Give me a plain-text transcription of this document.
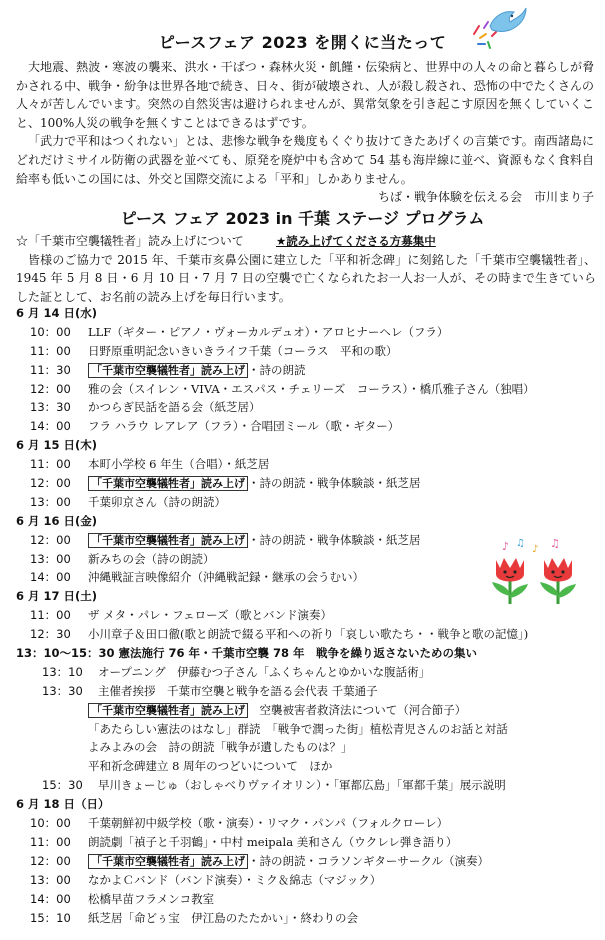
ピースフェア 2023 を開くに当たって

大地震、熱波・寒波の襲来、洪水・干ばつ・森林火災・飢饉・伝染病と、世界中の人々の命と暮らしが脅かされる中、戦争・紛争は世界各地で続き、日々、街が破壊され、人が殺し殺され、恐怖の中でたくさんの人々が苦しんでいます。突然の自然災害は避けられませんが、異常気象を引き起こす原因を無くしていくこと、100%人災の戦争を無くすことはできるはずです。

「武力で平和はつくれない」とは、悲惨な戦争を幾度もくぐり抜けてきたあげくの言葉です。南西諸島にどれだけミサイル防衛の武器を並べても、原発を廃炉中も含めて 54 基も海岸線に並べ、資源もなく食料自給率も低いこの国には、外交と国際交流による「平和」しかありません。

ちば・戦争体験を伝える会　市川まり子

ピース フェア 2023 in 千葉 ステージ プログラム
☆「千葉市空襲犠牲者」読み上げについて	★読み上げてくださる方募集中

皆様のご協力で 2015 年、千葉市亥鼻公園に建立した「平和祈念碑」に刻銘した「千葉市空襲犠牲者」、1945 年 5 月 8 日・6 月 10 日・7 月 7 日の空襲で亡くなられたお一人お一人が、その時まで生きていらした証として、お名前の読み上げを毎日行います。

6 月 14 日(水)
10：00	LLF（ギター・ピアノ・ヴォーカルデュオ）・アロヒナーヘレ（フラ）
11：00	日野原重明記念いきいきライフ千葉（コーラス　平和の歌）
11：30	「千葉市空襲犠牲者」読み上げ ・詩の朗読
12：00	雅の会（スイレン・VIVA・エスパス・チェリーズ　コーラス）・橋爪雅子さん（独唱）
13：30	かつらぎ民話を語る会（紙芝居）
14：00	フラ ハラウ レアレア（フラ）・合唱団ミール（歌・ギター）
6 月 15 日(木)
11：00	本町小学校 6 年生（合唱）・紙芝居
12：00	「千葉市空襲犠牲者」読み上げ ・詩の朗読・戦争体験談・紙芝居
13：00	千葉卯京さん（詩の朗読）
6 月 16 日(金)
12：00	「千葉市空襲犠牲者」読み上げ ・詩の朗読・戦争体験談・紙芝居
13：00	新みちの会（詩の朗読）
14：00	沖縄戦証言映像紹介（沖縄戦記録・継承の会うむい）
6 月 17 日(土)
11：00	ザ メタ・パレ・フェローズ（歌とバンド演奏）
12：30	小川章子＆田口徹(歌と朗読で綴る平和への祈り「哀しい歌たち・・戦争と歌の記憶」)
13：10～15：30 憲法施行 76 年・千葉市空襲 78 年　戦争を繰り返さないための集い
13：10	オープニング　伊藤むつ子さん「ふくちゃんとゆかいな腹話術」
13：30	主催者挨拶　千葉市空襲と戦争を語る会代表 千葉通子
「千葉市空襲犠牲者」読み上げ　空襲被害者救済法について（河合節子）
「あたらしい憲法のはなし」群読　「戦争で潤った街」植松青児さんのお話と対話
よみよみの会　詩の朗読「戦争が遺したものは？」
平和祈念碑建立 8 周年のつどいについて　ほか
15：30	早川きょーじゅ（おしゃべりヴァイオリン）・「軍都広島」「軍都千葉」展示説明
6 月 18 日（日）
10：00	千葉朝鮮初中級学校（歌・演奏）・リマク・パンパ（フォルクローレ）
11：00	朗読劇「禎子と千羽鶴」・中村 meipala 美和さん（ウクレレ弾き語り）
12：00	「千葉市空襲犠牲者」読み上げ ・詩の朗読・コラソンギターサークル（演奏）
13：00	なかよＣバンド（バンド演奏）・ミク＆綿志（マジック）
14：00	松橋早苗フラメンコ教室
15：10	紙芝居「命どぅ宝　伊江島のたたかい」・終わりの会
♪ ♫
♪ ♫
